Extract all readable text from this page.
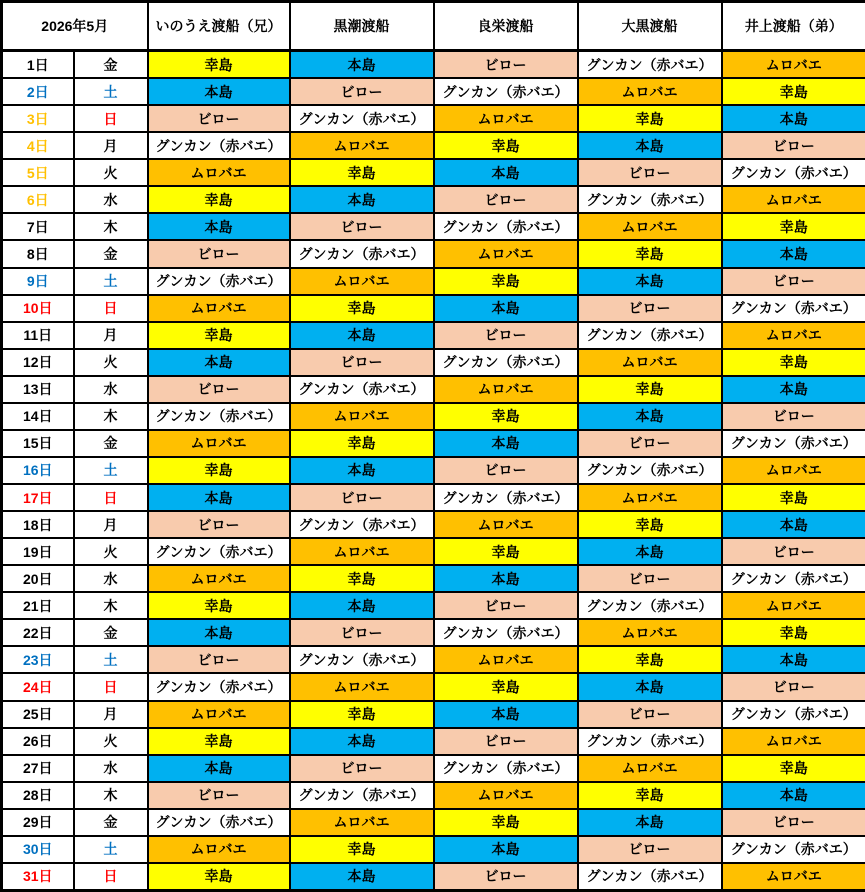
2026年5月		いのうえ渡船（兄）	黒潮渡船	良栄渡船	大黒渡船	井上渡船（弟）
1日	金	幸島	本島	ビロー	グンカン（赤バエ）	ムロバエ
2日	土	本島	ビロー	グンカン（赤バエ）	ムロバエ	幸島
3日	日	ビロー	グンカン（赤バエ）	ムロバエ	幸島	本島
4日	月	グンカン（赤バエ）	ムロバエ	幸島	本島	ビロー
5日	火	ムロバエ	幸島	本島	ビロー	グンカン（赤バエ）
6日	水	幸島	本島	ビロー	グンカン（赤バエ）	ムロバエ
7日	木	本島	ビロー	グンカン（赤バエ）	ムロバエ	幸島
8日	金	ビロー	グンカン（赤バエ）	ムロバエ	幸島	本島
9日	土	グンカン（赤バエ）	ムロバエ	幸島	本島	ビロー
10日	日	ムロバエ	幸島	本島	ビロー	グンカン（赤バエ）
11日	月	幸島	本島	ビロー	グンカン（赤バエ）	ムロバエ
12日	火	本島	ビロー	グンカン（赤バエ）	ムロバエ	幸島
13日	水	ビロー	グンカン（赤バエ）	ムロバエ	幸島	本島
14日	木	グンカン（赤バエ）	ムロバエ	幸島	本島	ビロー
15日	金	ムロバエ	幸島	本島	ビロー	グンカン（赤バエ）
16日	土	幸島	本島	ビロー	グンカン（赤バエ）	ムロバエ
17日	日	本島	ビロー	グンカン（赤バエ）	ムロバエ	幸島
18日	月	ビロー	グンカン（赤バエ）	ムロバエ	幸島	本島
19日	火	グンカン（赤バエ）	ムロバエ	幸島	本島	ビロー
20日	水	ムロバエ	幸島	本島	ビロー	グンカン（赤バエ）
21日	木	幸島	本島	ビロー	グンカン（赤バエ）	ムロバエ
22日	金	本島	ビロー	グンカン（赤バエ）	ムロバエ	幸島
23日	土	ビロー	グンカン（赤バエ）	ムロバエ	幸島	本島
24日	日	グンカン（赤バエ）	ムロバエ	幸島	本島	ビロー
25日	月	ムロバエ	幸島	本島	ビロー	グンカン（赤バエ）
26日	火	幸島	本島	ビロー	グンカン（赤バエ）	ムロバエ
27日	水	本島	ビロー	グンカン（赤バエ）	ムロバエ	幸島
28日	木	ビロー	グンカン（赤バエ）	ムロバエ	幸島	本島
29日	金	グンカン（赤バエ）	ムロバエ	幸島	本島	ビロー
30日	土	ムロバエ	幸島	本島	ビロー	グンカン（赤バエ）
31日	日	幸島	本島	ビロー	グンカン（赤バエ）	ムロバエ
